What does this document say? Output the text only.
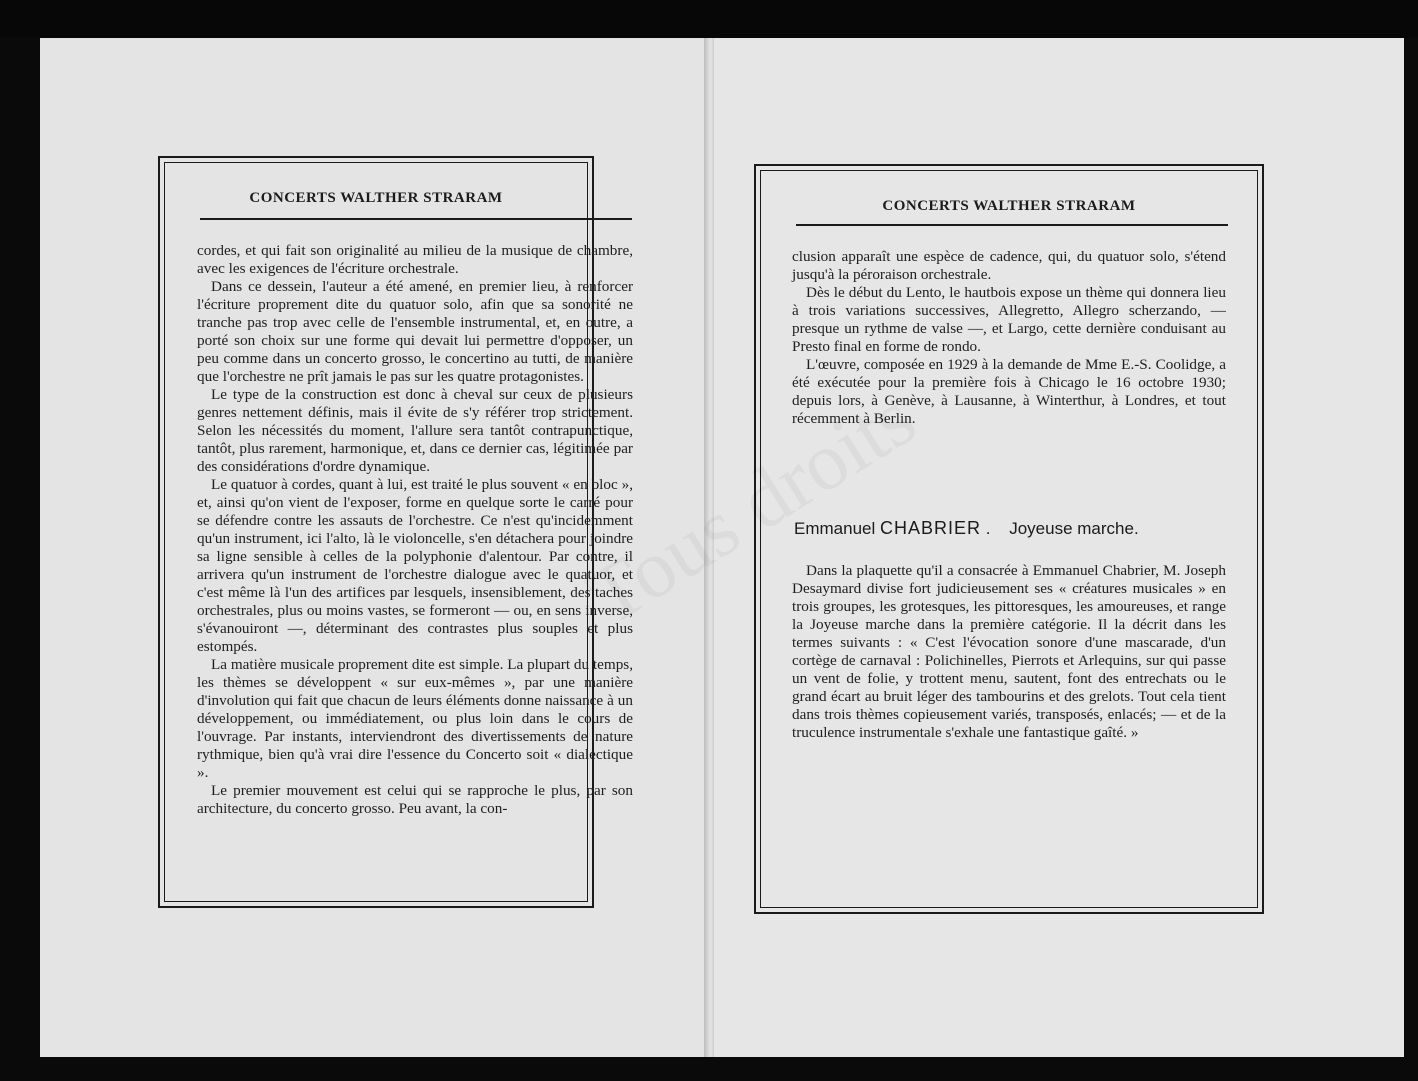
CONCERTS WALTHER STRARAM

cordes, et qui fait son originalité au milieu de la musique de chambre, avec les exigences de l'écriture orchestrale.

Dans ce dessein, l'auteur a été amené, en premier lieu, à renforcer l'écriture proprement dite du quatuor solo, afin que sa sonorité ne tranche pas trop avec celle de l'ensemble instrumental, et, en outre, a porté son choix sur une forme qui devait lui permettre d'opposer, un peu comme dans un concerto grosso, le concertino au tutti, de manière que l'orchestre ne prît jamais le pas sur les quatre protagonistes.

Le type de la construction est donc à cheval sur ceux de plusieurs genres nettement définis, mais il évite de s'y référer trop strictement. Selon les nécessités du moment, l'allure sera tantôt contrapunctique, tantôt, plus rarement, harmonique, et, dans ce dernier cas, légitimée par des considérations d'ordre dynamique.

Le quatuor à cordes, quant à lui, est traité le plus souvent « en bloc », et, ainsi qu'on vient de l'exposer, forme en quelque sorte le carré pour se défendre contre les assauts de l'orchestre. Ce n'est qu'incidemment qu'un instrument, ici l'alto, là le violoncelle, s'en détachera pour joindre sa ligne sensible à celles de la polyphonie d'alentour. Par contre, il arrivera qu'un instrument de l'orchestre dialogue avec le quatuor, et c'est même là l'un des artifices par lesquels, insensiblement, des taches orchestrales, plus ou moins vastes, se formeront — ou, en sens inverse, s'évanouiront —, déterminant des contrastes plus souples et plus estompés.

La matière musicale proprement dite est simple. La plupart du temps, les thèmes se développent « sur eux-mêmes », par une manière d'involution qui fait que chacun de leurs éléments donne naissance à un développement, ou immédiatement, ou plus loin dans le cours de l'ouvrage. Par instants, interviendront des divertissements de nature rythmique, bien qu'à vrai dire l'essence du Concerto soit « dialectique ».

Le premier mouvement est celui qui se rapproche le plus, par son architecture, du concerto grosso. Peu avant, la con-

CONCERTS WALTHER STRARAM

clusion apparaît une espèce de cadence, qui, du quatuor solo, s'étend jusqu'à la péroraison orchestrale.

Dès le début du Lento, le hautbois expose un thème qui donnera lieu à trois variations successives, Allegretto, Allegro scherzando, — presque un rythme de valse —, et Largo, cette dernière conduisant au Presto final en forme de rondo.

L'œuvre, composée en 1929 à la demande de Mme E.-S. Coolidge, a été exécutée pour la première fois à Chicago le 16 octobre 1930; depuis lors, à Genève, à Lausanne, à Winterthur, à Londres, et tout récemment à Berlin.

Emmanuel CHABRIER . Joyeuse marche.

Dans la plaquette qu'il a consacrée à Emmanuel Chabrier, M. Joseph Desaymard divise fort judicieusement ses « créatures musicales » en trois groupes, les grotesques, les pittoresques, les amoureuses, et range la Joyeuse marche dans la première catégorie. Il la décrit dans les termes suivants : « C'est l'évocation sonore d'une mascarade, d'un cortège de carnaval : Polichinelles, Pierrots et Arlequins, sur qui passe un vent de folie, y trottent menu, sautent, font des entrechats ou le grand écart au bruit léger des tambourins et des grelots. Tout cela tient dans trois thèmes copieusement variés, transposés, enlacés; — et de la truculence instrumentale s'exhale une fantastique gaîté. »
